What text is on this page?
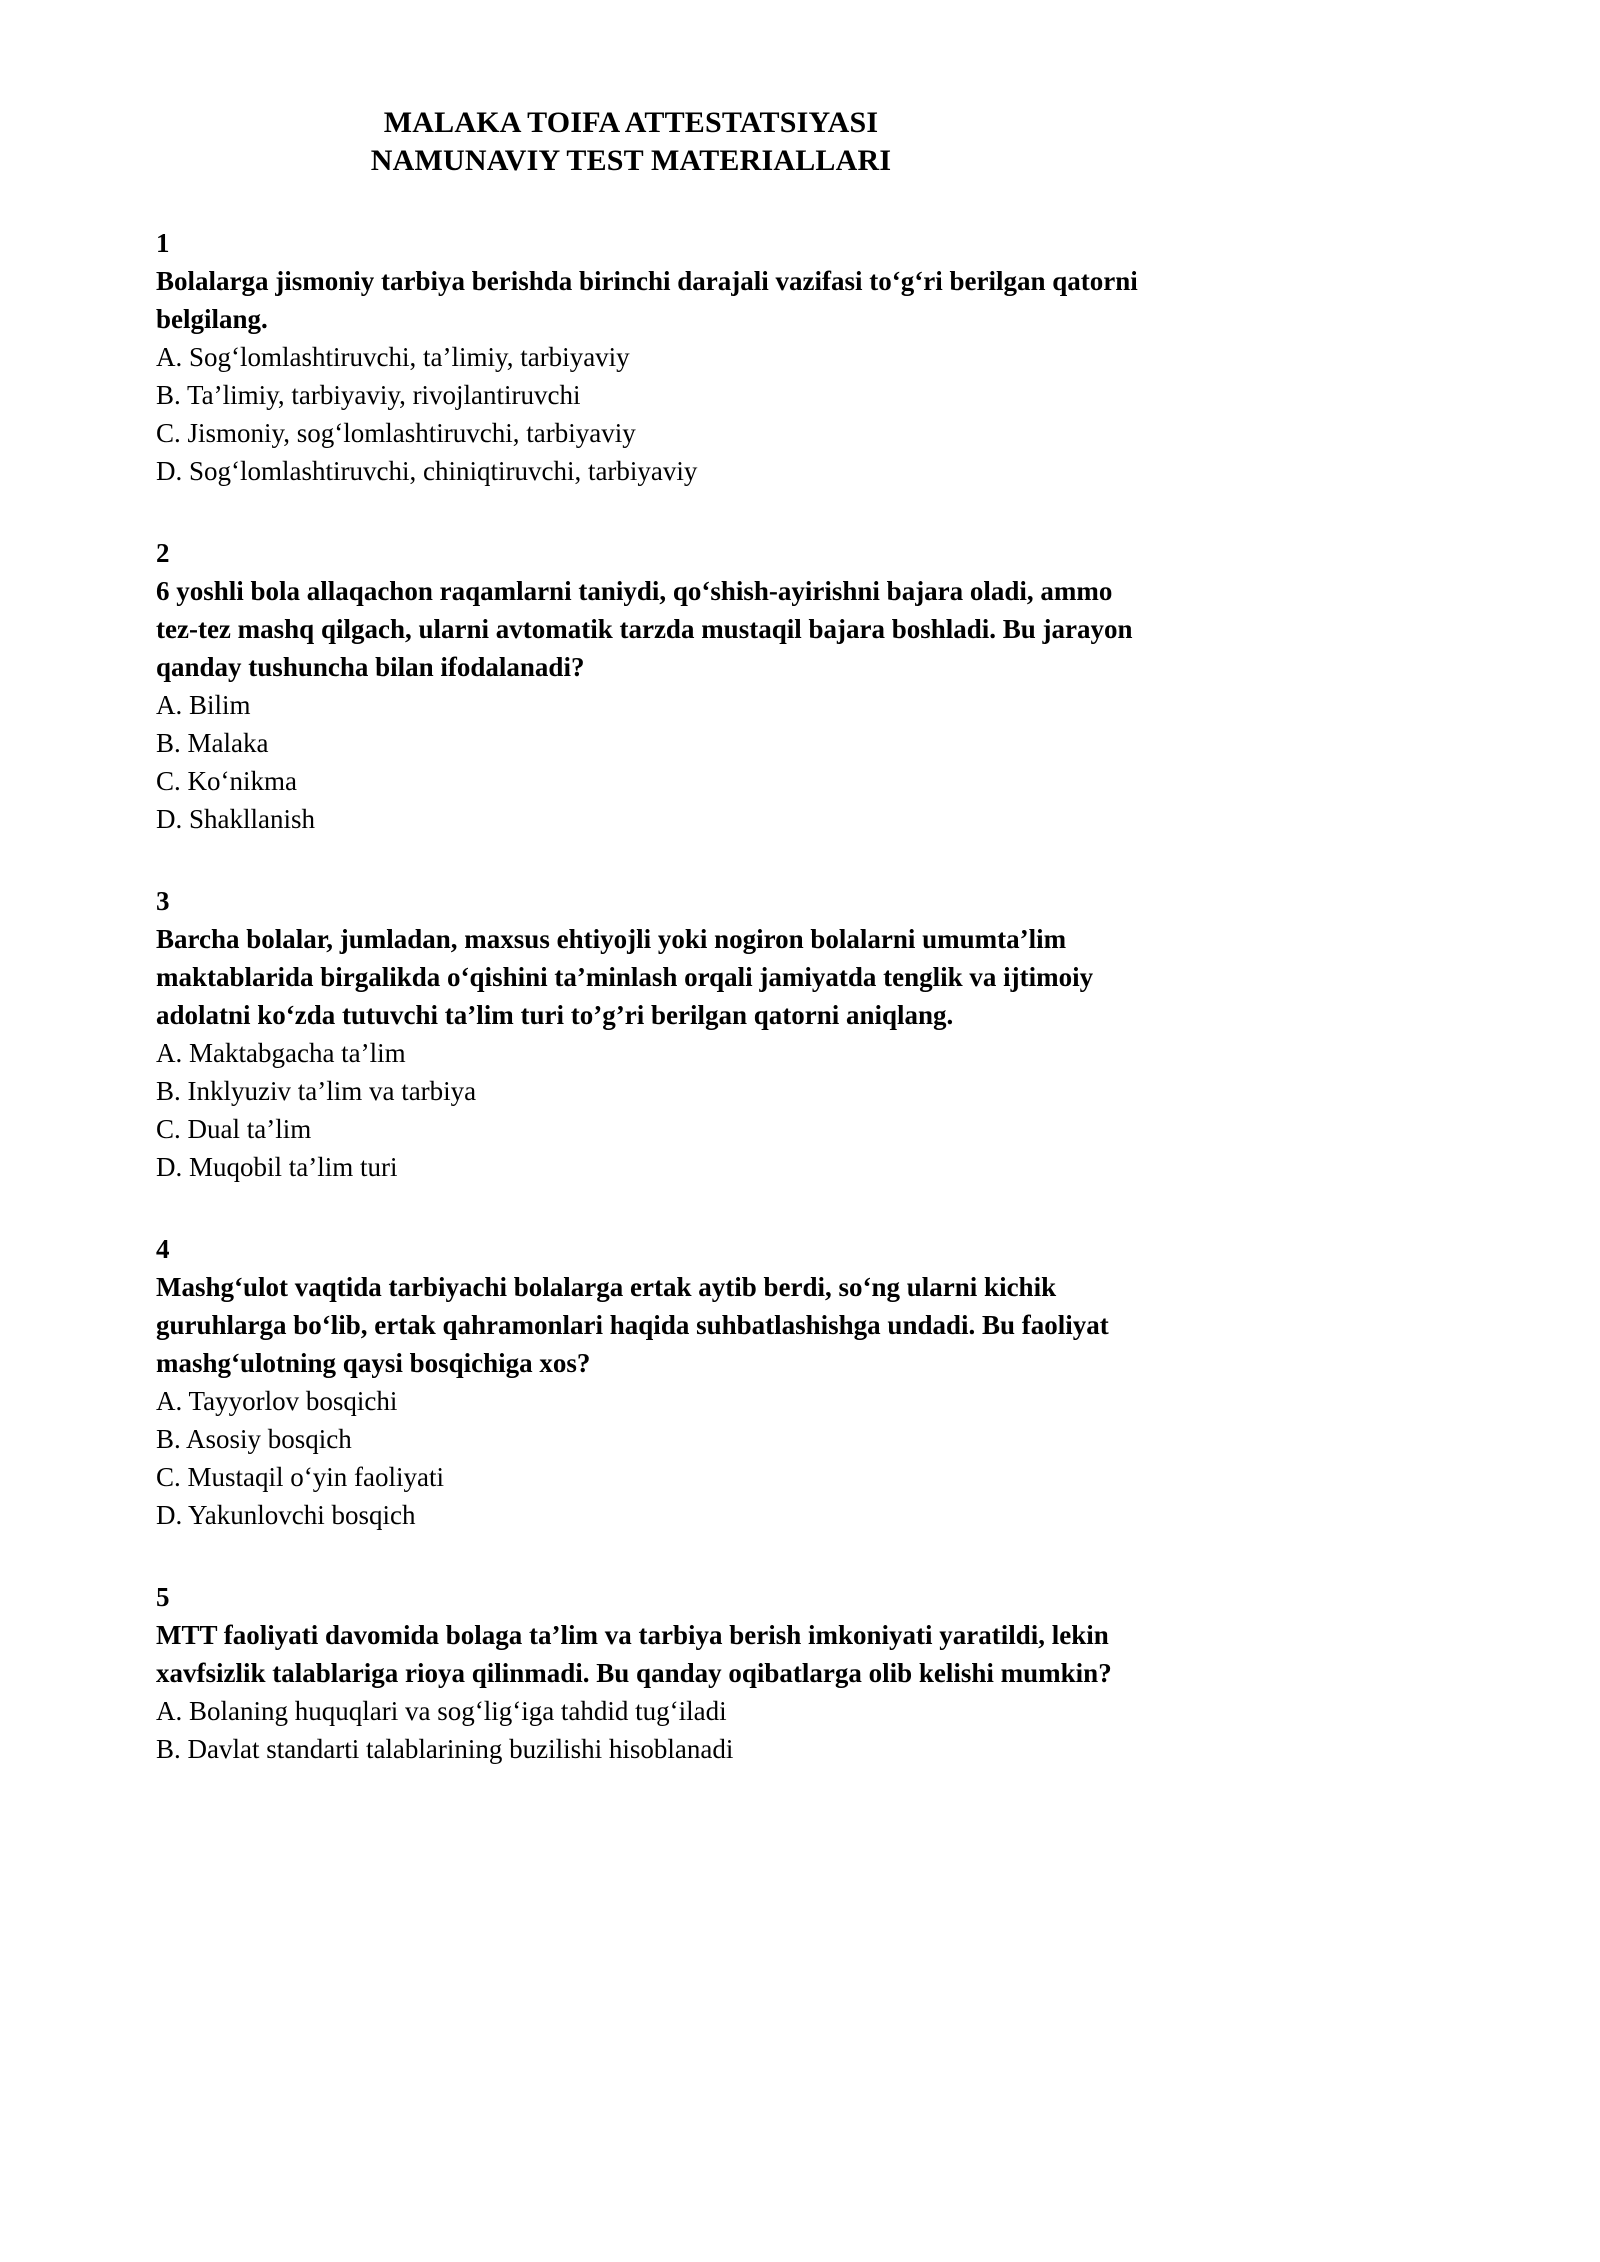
MALAKA TOIFA ATTESTATSIYASI
NAMUNAVIY TEST MATERIALLARI

1

Bolalarga jismoniy tarbiya berishda birinchi darajali vazifasi to‘g‘ri berilgan qatorni belgilang.

A. Sog‘lomlashtiruvchi, ta’limiy, tarbiyaviy
B. Ta’limiy, tarbiyaviy, rivojlantiruvchi
C. Jismoniy, sog‘lomlashtiruvchi, tarbiyaviy
D. Sog‘lomlashtiruvchi, chiniqtiruvchi, tarbiyaviy

2

6 yoshli bola allaqachon raqamlarni taniydi, qo‘shish-ayirishni bajara oladi, ammo tez-tez mashq qilgach, ularni avtomatik tarzda mustaqil bajara boshladi. Bu jarayon qanday tushuncha bilan ifodalanadi?

A. Bilim
B. Malaka
C. Ko‘nikma
D. Shakllanish

3

Barcha bolalar, jumladan, maxsus ehtiyojli yoki nogiron bolalarni umumta’lim maktablarida birgalikda o‘qishini ta’minlash orqali jamiyatda tenglik va ijtimoiy adolatni ko‘zda tutuvchi ta’lim turi to’g’ri berilgan qatorni aniqlang.

A. Maktabgacha ta’lim
B. Inklyuziv ta’lim va tarbiya
C. Dual ta’lim
D. Muqobil ta’lim turi

4

Mashg‘ulot vaqtida tarbiyachi bolalarga ertak aytib berdi, so‘ng ularni kichik guruhlarga bo‘lib, ertak qahramonlari haqida suhbatlashishga undadi. Bu faoliyat mashg‘ulotning qaysi bosqichiga xos?

A. Tayyorlov bosqichi
B. Asosiy bosqich
C. Mustaqil o‘yin faoliyati
D. Yakunlovchi bosqich

5

MTT faoliyati davomida bolaga ta’lim va tarbiya berish imkoniyati yaratildi, lekin xavfsizlik talablariga rioya qilinmadi. Bu qanday oqibatlarga olib kelishi mumkin?

A. Bolaning huquqlari va sog‘lig‘iga tahdid tug‘iladi
B. Davlat standarti talablarining buzilishi hisoblanadi
